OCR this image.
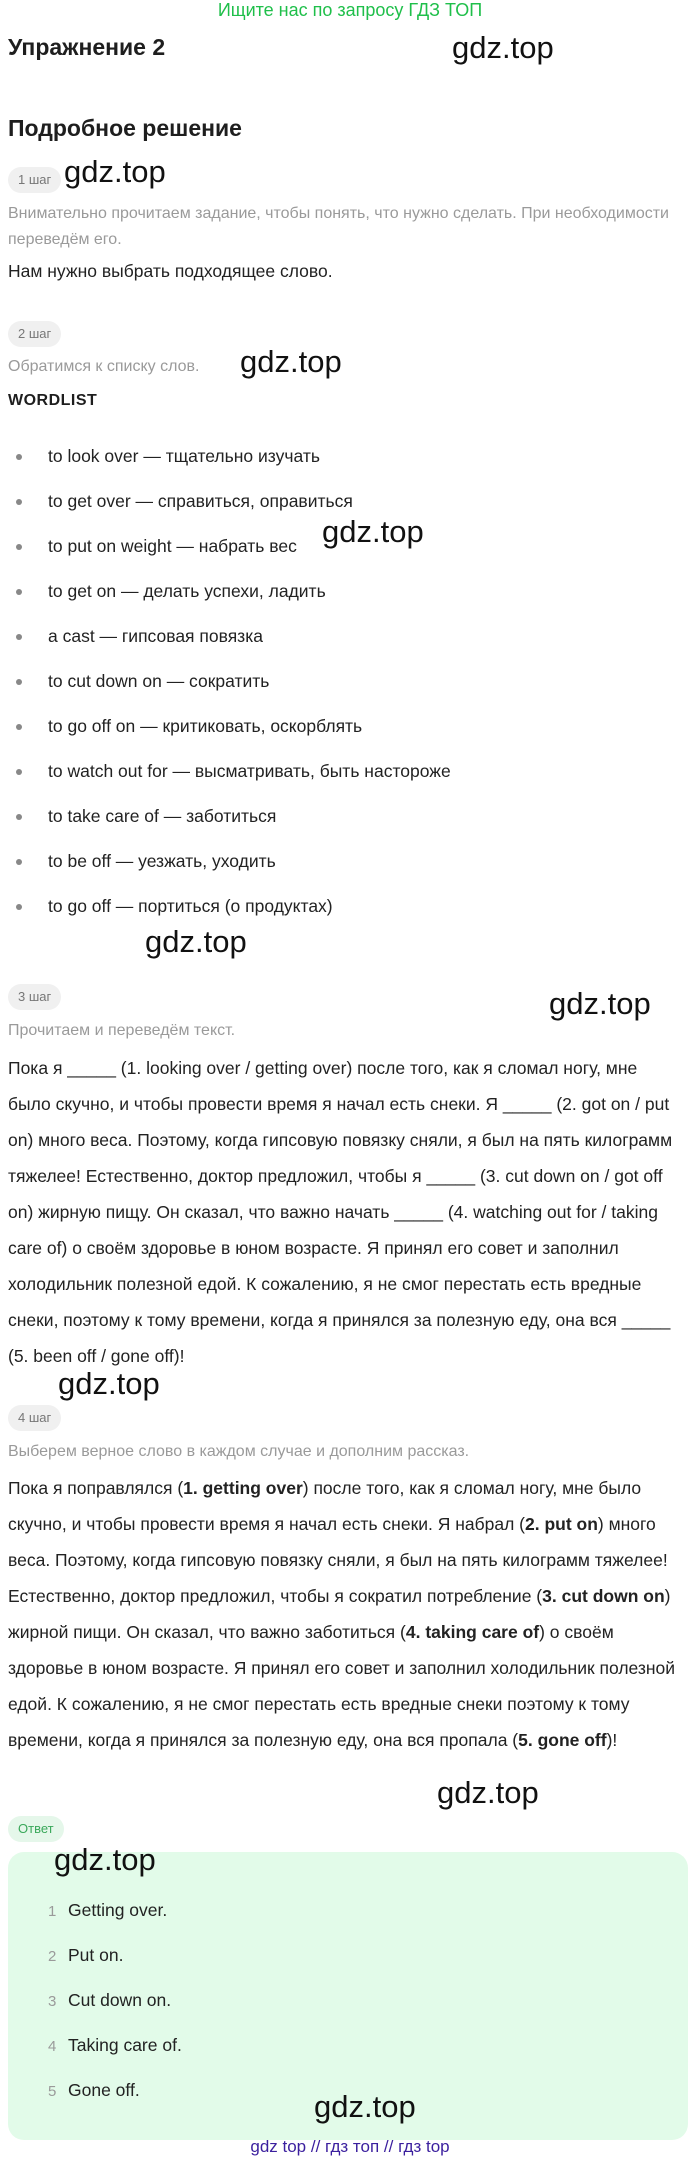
Ищите нас по запросу ГДЗ ТОП
Упражнение 2	gdz.top
Подробное решение
1 шаг gdz.top
Внимательно прочитаем задание, чтобы понять, что нужно сделать. При необходимости переведём его.
Нам нужно выбрать подходящее слово.
2 шаг
Обратимся к списку слов.	gdz.top
WORDLIST
to look over — тщательно изучать
to get over — справиться, оправиться
to put on weight — набрать вес
to get on — делать успехи, ладить
a cast — гипсовая повязка
to cut down on — сократить
to go off on — критиковать, оскорблять
to watch out for — высматривать, быть настороже
to take care of — заботиться
to be off — уезжать, уходить
to go off — портиться (о продуктах)
gdz.top
gdz.top
3 шаг	gdz.top
Прочитаем и переведём текст.
Пока я _____ (1. looking over / getting over) после того, как я сломал ногу, мне было скучно, и чтобы провести время я начал есть снеки. Я _____ (2. got on / put on) много веса. Поэтому, когда гипсовую повязку сняли, я был на пять килограмм тяжелее! Естественно, доктор предложил, чтобы я _____ (3. cut down on / got off on) жирную пищу. Он сказал, что важно начать _____ (4. watching out for / taking care of) о своём здоровье в юном возрасте. Я принял его совет и заполнил холодильник полезной едой. К сожалению, я не смог перестать есть вредные снеки, поэтому к тому времени, когда я принялся за полезную еду, она вся _____ (5. been off / gone off)!
gdz.top
4 шаг
Выберем верное слово в каждом случае и дополним рассказ.
Пока я поправлялся (1. getting over) после того, как я сломал ногу, мне было скучно, и чтобы провести время я начал есть снеки. Я набрал (2. put on) много веса. Поэтому, когда гипсовую повязку сняли, я был на пять килограмм тяжелее! Естественно, доктор предложил, чтобы я сократил потребление (3. cut down on) жирной пищи. Он сказал, что важно заботиться (4. taking care of) о своём здоровье в юном возрасте. Я принял его совет и заполнил холодильник полезной едой. К сожалению, я не смог перестать есть вредные снеки поэтому к тому времени, когда я принялся за полезную еду, она вся пропала (5. gone off)!
gdz.top
Ответ
gdz.top
1 Getting over.
2 Put on.
3 Cut down on.
4 Taking care of.
5 Gone off.	gdz.top
gdz top // гдз топ // гдз top
